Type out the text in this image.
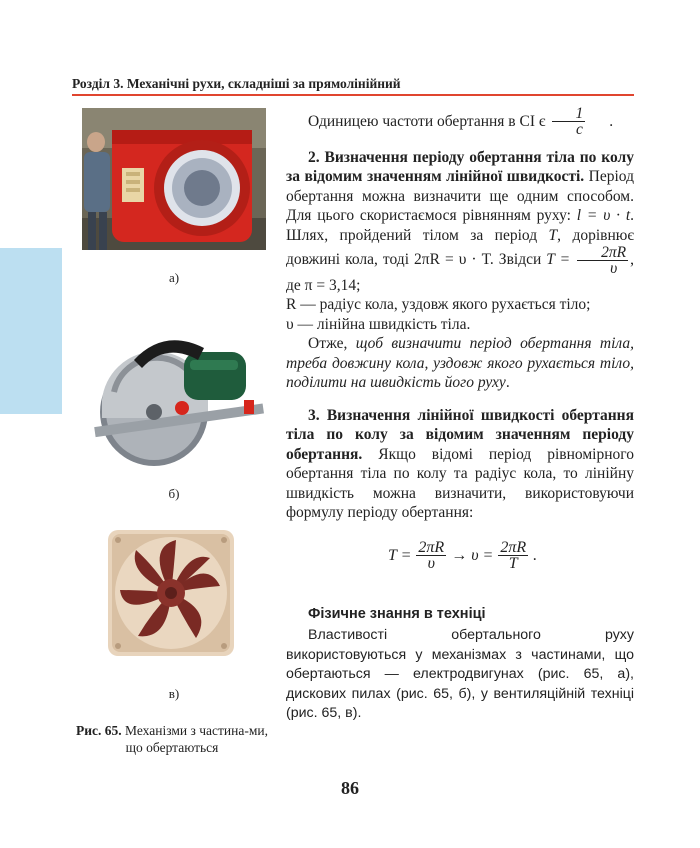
Розділ 3. Механічні рухи, складніші за прямолінійний
а)
б)
в)
Рис. 65. Механізми з частина-ми, що обертаються

Одиницею частоти обертання в СІ є $\frac{1}{c}$	.

2. Визначення періоду обертання тіла по колу за відомим значенням лінійної швидкості. Період обертання можна визначити ще одним способом. Для цього скористаємося рівнянням руху: l = υ · t. Шлях, пройдений тілом за період T, дорівнює довжині кола, тоді 2πR = υ · T. Звідси $T = \frac{2\pi R}{\upsilon}$ , де π = 3,14;

R — радіус кола, уздовж якого рухається тіло;

υ — лінійна швидкість тіла.

Отже, щоб визначити період обертання тіла, треба довжину кола, уздовж якого рухається тіло, поділити на швидкість його руху.

3. Визначення лінійної швидкості обертання тіла по колу за відомим значенням періоду обертання. Якщо відомі період рівномірного обертання тіла по колу та радіус кола, то лінійну швидкість можна визначити, використовуючи формулу періоду обертання:

$T = \frac{2\pi R}{\upsilon} \to \upsilon = \frac{2\pi R}{T}$ .
Фізичне знання в техніці
Властивості обертального руху використовуються у механізмах з частинами, що обертаються — електродвигунах (рис. 65, а), дискових пилах (рис. 65, б), у вентиляційній техніці (рис. 65, в).
86
